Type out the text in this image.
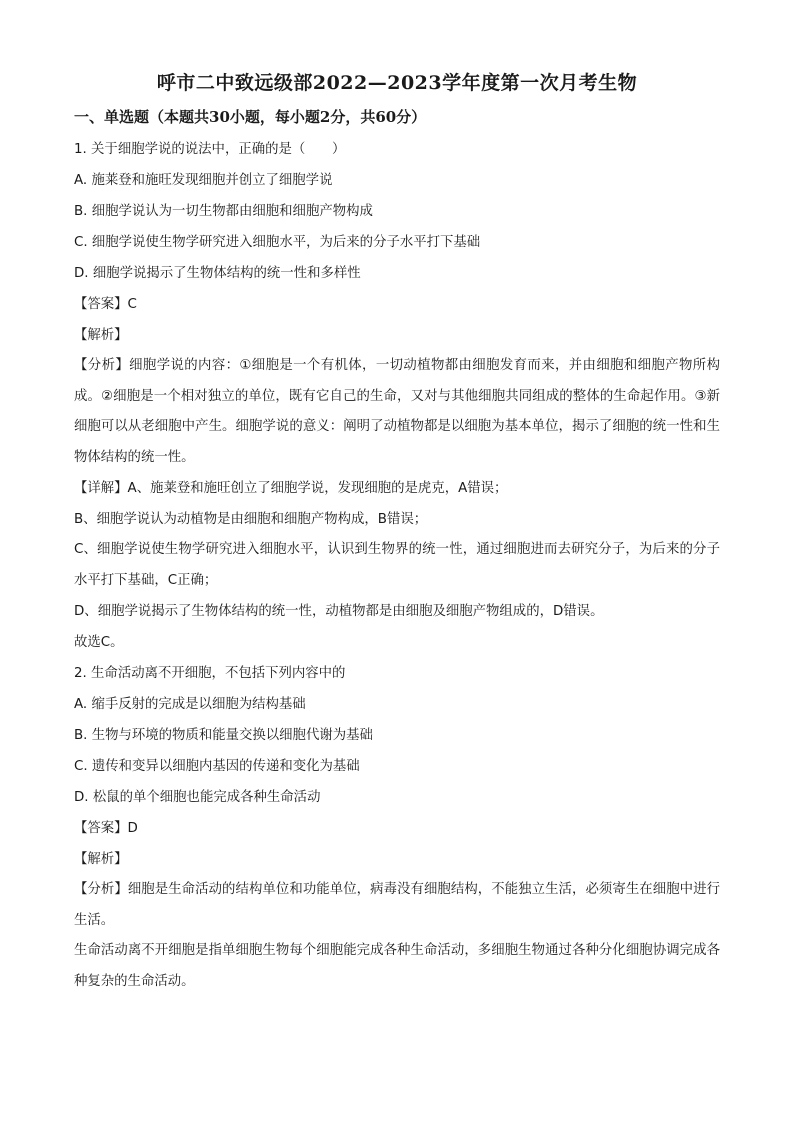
呼市二中致远级部2022—2023学年度第一次月考生物
一、单选题（本题共30小题，每小题2分，共60分）

1. 关于细胞学说的说法中，正确的是（　　）

A. 施莱登和施旺发现细胞并创立了细胞学说

B. 细胞学说认为一切生物都由细胞和细胞产物构成

C. 细胞学说使生物学研究进入细胞水平，为后来的分子水平打下基础

D. 细胞学说揭示了生物体结构的统一性和多样性

【答案】C

【解析】

【分析】细胞学说的内容：①细胞是一个有机体，一切动植物都由细胞发育而来，并由细胞和细胞产物所构成。②细胞是一个相对独立的单位，既有它自己的生命，又对与其他细胞共同组成的整体的生命起作用。③新细胞可以从老细胞中产生。细胞学说的意义：阐明了动植物都是以细胞为基本单位，揭示了细胞的统一性和生物体结构的统一性。

【详解】A、施莱登和施旺创立了细胞学说，发现细胞的是虎克，A错误；

B、细胞学说认为动植物是由细胞和细胞产物构成，B错误；

C、细胞学说使生物学研究进入细胞水平，认识到生物界的统一性，通过细胞进而去研究分子，为后来的分子水平打下基础，C正确；

D、细胞学说揭示了生物体结构的统一性，动植物都是由细胞及细胞产物组成的，D错误。

故选C。

2. 生命活动离不开细胞，不包括下列内容中的

A. 缩手反射的完成是以细胞为结构基础

B. 生物与环境的物质和能量交换以细胞代谢为基础

C. 遗传和变异以细胞内基因的传递和变化为基础

D. 松鼠的单个细胞也能完成各种生命活动

【答案】D

【解析】

【分析】细胞是生命活动的结构单位和功能单位，病毒没有细胞结构，不能独立生活，必须寄生在细胞中进行生活。

生命活动离不开细胞是指单细胞生物每个细胞能完成各种生命活动，多细胞生物通过各种分化细胞协调完成各种复杂的生命活动。
